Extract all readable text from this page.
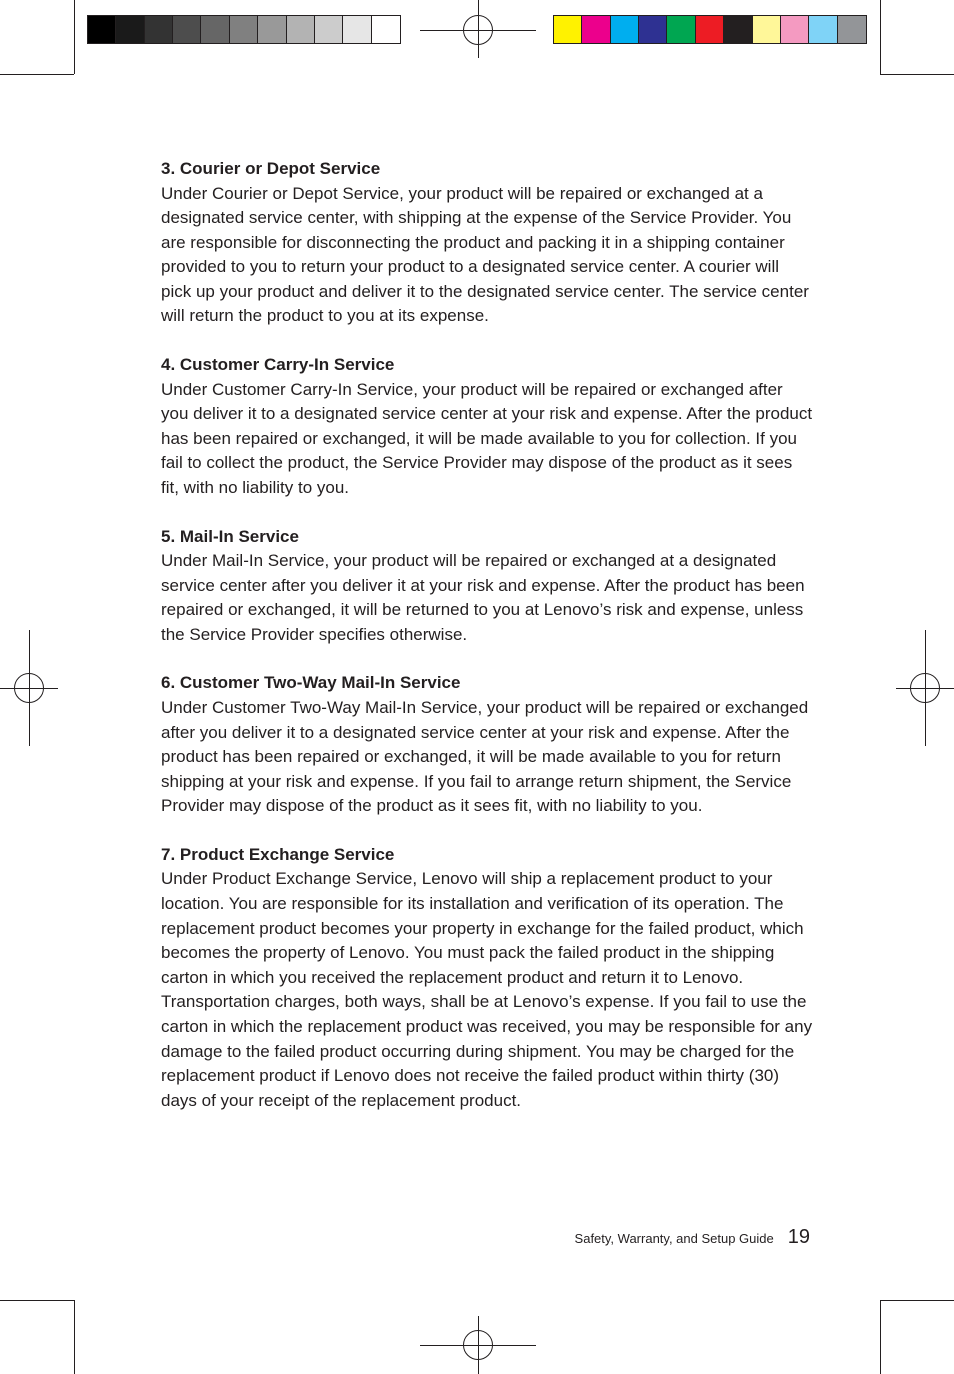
3. Courier or Depot Service

Under Courier or Depot Service, your product will be repaired or exchanged at a designated service center, with shipping at the expense of the Service Provider. You are responsible for disconnecting the product and packing it in a shipping container provided to you to return your product to a designated service center. A courier will pick up your product and deliver it to the designated service center. The service center will return the product to you at its expense.

4. Customer Carry-In Service

Under Customer Carry-In Service, your product will be repaired or exchanged after you deliver it to a designated service center at your risk and expense. After the product has been repaired or exchanged, it will be made available to you for collection. If you fail to collect the product, the Service Provider may dispose of the product as it sees fit, with no liability to you.

5. Mail-In Service

Under Mail-In Service, your product will be repaired or exchanged at a designated service center after you deliver it at your risk and expense. After the product has been repaired or exchanged, it will be returned to you at Lenovo’s risk and expense, unless the Service Provider specifies otherwise.

6. Customer Two-Way Mail-In Service

Under Customer Two-Way Mail-In Service, your product will be repaired or exchanged after you deliver it to a designated service center at your risk and expense. After the product has been repaired or exchanged, it will be made available to you for return shipping at your risk and expense. If you fail to arrange return shipment, the Service Provider may dispose of the product as it sees fit, with no liability to you.

7. Product Exchange Service

Under Product Exchange Service, Lenovo will ship a replacement product to your location. You are responsible for its installation and verification of its operation. The replacement product becomes your property in exchange for the failed product, which becomes the property of Lenovo. You must pack the failed product in the shipping carton in which you received the replacement product and return it to Lenovo. Transportation charges, both ways, shall be at Lenovo’s expense. If you fail to use the carton in which the replacement product was received, you may be responsible for any damage to the failed product occurring during shipment. You may be charged for the replacement product if Lenovo does not receive the failed product within thirty (30) days of your receipt of the replacement product.

Safety, Warranty, and Setup Guide 19
